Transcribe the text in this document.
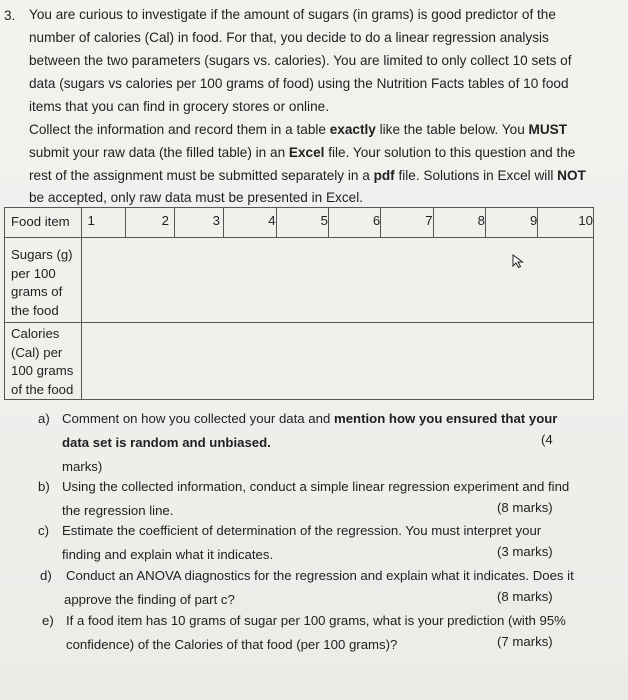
3. You are curious to investigate if the amount of sugars (in grams) is good predictor of the
number of calories (Cal) in food. For that, you decide to do a linear regression analysis
between the two parameters (sugars vs. calories). You are limited to only collect 10 sets of
data (sugars vs calories per 100 grams of food) using the Nutrition Facts tables of 10 food
items that you can find in grocery stores or online.
Collect the information and record them in a table exactly like the table below. You MUST
submit your raw data (the filled table) in an Excel file. Your solution to this question and the
rest of the assignment must be submitted separately in a pdf file. Solutions in Excel will NOT
be accepted, only raw data must be presented in Excel.
Food item	1	2	3	4	5	6	7	8	9	10

Sugars (g)
per 100
grams of
the food

Calories
(Cal) per
100 grams
of the food										

a) Comment on how you collected your data and mention how you ensured that your
data set is random and unbiased.	(4
marks)
b) Using the collected information, conduct a simple linear regression experiment and find
the regression line.	(8 marks)
c) Estimate the coefficient of determination of the regression. You must interpret your
finding and explain what it indicates.	(3 marks)
d) Conduct an ANOVA diagnostics for the regression and explain what it indicates. Does it
approve the finding of part c?	(8 marks)
e) If a food item has 10 grams of sugar per 100 grams, what is your prediction (with 95%
confidence) of the Calories of that food (per 100 grams)?	(7 marks)
